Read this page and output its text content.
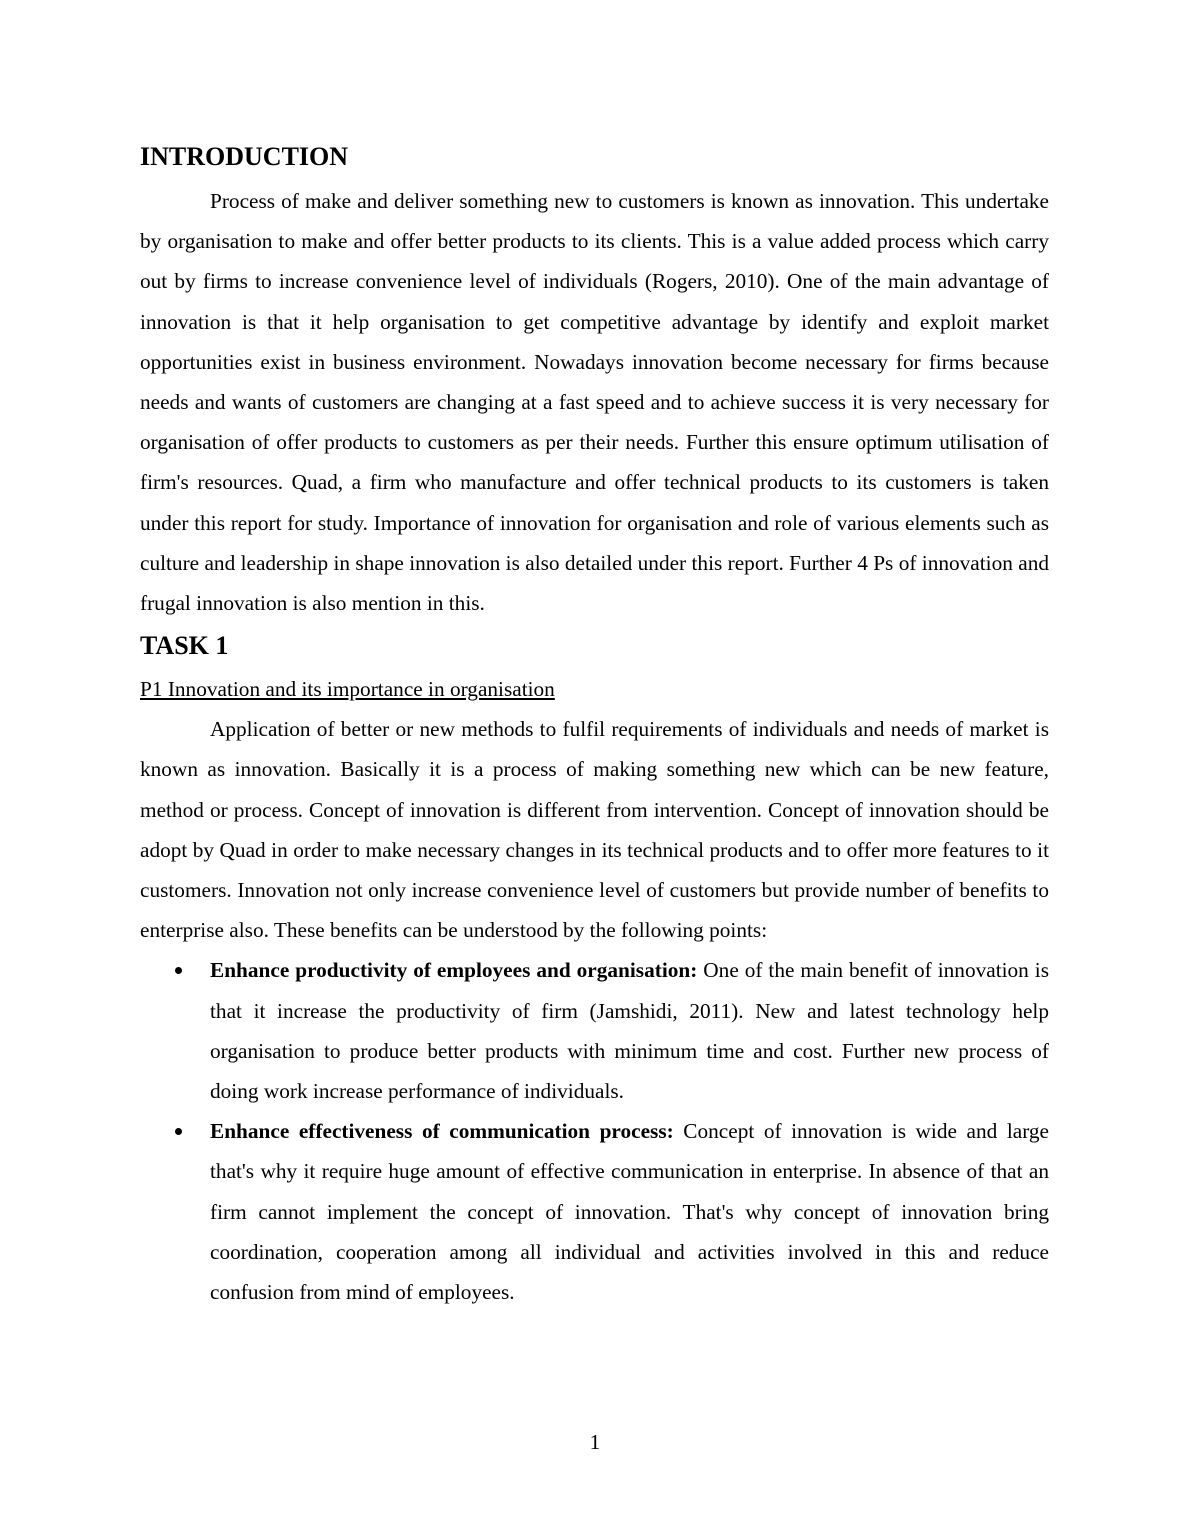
INTRODUCTION

Process of make and deliver something new to customers is known as innovation. This undertake by organisation to make and offer better products to its clients. This is a value added process which carry out by firms to increase convenience level of individuals (Rogers, 2010). One of the main advantage of innovation is that it help organisation to get competitive advantage by identify and exploit market opportunities exist in business environment. Nowadays innovation become necessary for firms because needs and wants of customers are changing at a fast speed and to achieve success it is very necessary for organisation of offer products to customers as per their needs. Further this ensure optimum utilisation of firm's resources. Quad, a firm who manufacture and offer technical products to its customers is taken under this report for study. Importance of innovation for organisation and role of various elements such as culture and leadership in shape innovation is also detailed under this report. Further 4 Ps of innovation and frugal innovation is also mention in this.

TASK 1

P1 Innovation and its importance in organisation

Application of better or new methods to fulfil requirements of individuals and needs of market is known as innovation. Basically it is a process of making something new which can be new feature, method or process. Concept of innovation is different from intervention. Concept of innovation should be adopt by Quad in order to make necessary changes in its technical products and to offer more features to it customers. Innovation not only increase convenience level of customers but provide number of benefits to enterprise also. These benefits can be understood by the following points:

Enhance productivity of employees and organisation: One of the main benefit of innovation is that it increase the productivity of firm (Jamshidi, 2011). New and latest technology help organisation to produce better products with minimum time and cost. Further new process of doing work increase performance of individuals.
Enhance effectiveness of communication process: Concept of innovation is wide and large that's why it require huge amount of effective communication in enterprise. In absence of that an firm cannot implement the concept of innovation. That's why concept of innovation bring coordination, cooperation among all individual and activities involved in this and reduce confusion from mind of employees.
1
